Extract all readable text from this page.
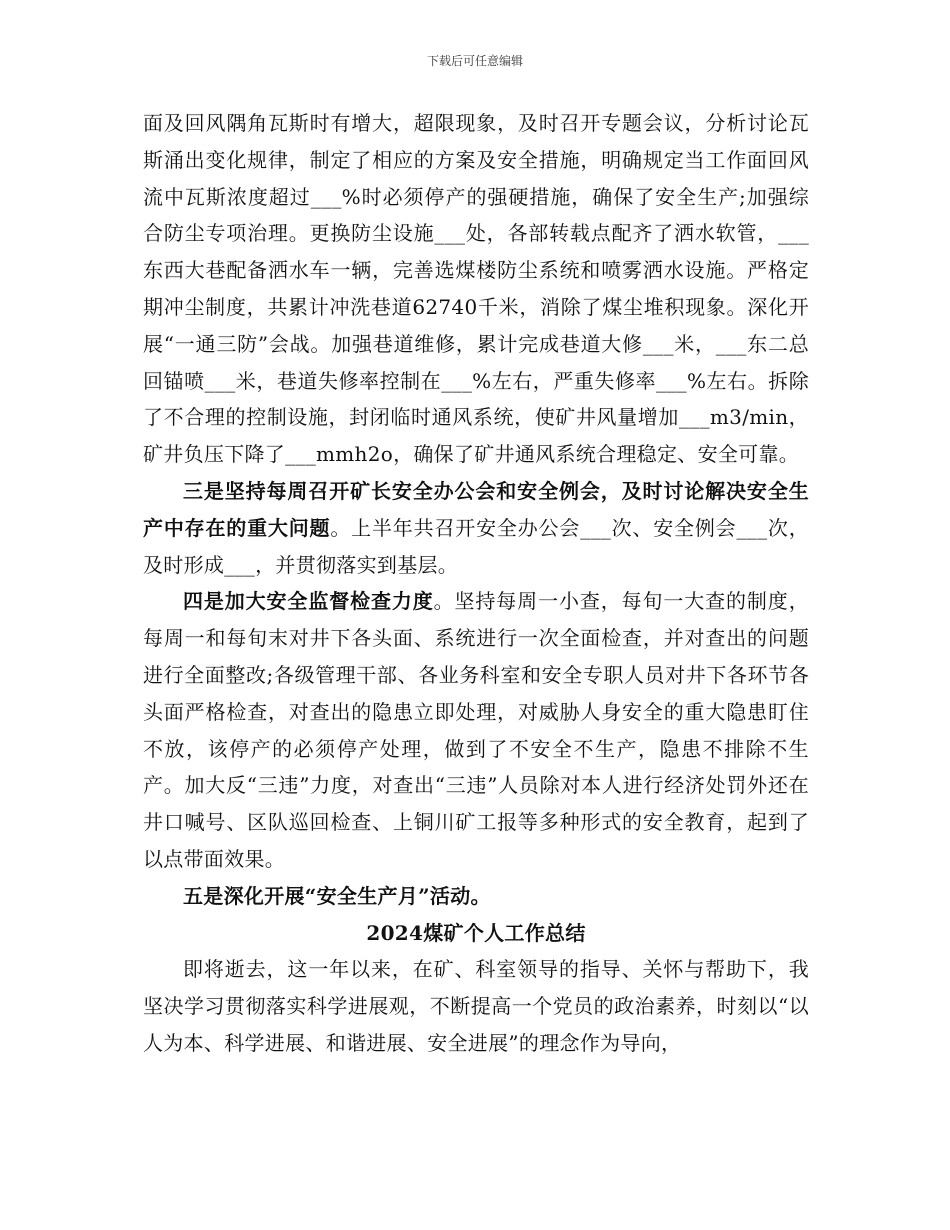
下载后可任意编辑

面及回风隅角瓦斯时有增大，超限现象，及时召开专题会议，分析讨论瓦斯涌出变化规律，制定了相应的方案及安全措施，明确规定当工作面回风流中瓦斯浓度超过___%时必须停产的强硬措施，确保了安全生产;加强综合防尘专项治理。更换防尘设施___处，各部转载点配齐了洒水软管，___东西大巷配备洒水车一辆，完善选煤楼防尘系统和喷雾洒水设施。严格定期冲尘制度，共累计冲洗巷道62740千米，消除了煤尘堆积现象。深化开展“一通三防”会战。加强巷道维修，累计完成巷道大修___米，___东二总回锚喷___米，巷道失修率控制在___%左右，严重失修率___%左右。拆除了不合理的控制设施，封闭临时通风系统，使矿井风量增加___m3/min，矿井负压下降了___mmh2o，确保了矿井通风系统合理稳定、安全可靠。

三是坚持每周召开矿长安全办公会和安全例会，及时讨论解决安全生产中存在的重大问题。上半年共召开安全办公会___次、安全例会___次，及时形成___，并贯彻落实到基层。

四是加大安全监督检查力度。坚持每周一小查，每旬一大查的制度，每周一和每旬末对井下各头面、系统进行一次全面检查，并对查出的问题进行全面整改;各级管理干部、各业务科室和安全专职人员对井下各环节各头面严格检查，对查出的隐患立即处理，对威胁人身安全的重大隐患盯住不放，该停产的必须停产处理，做到了不安全不生产，隐患不排除不生产。加大反“三违”力度，对查出“三违”人员除对本人进行经济处罚外还在井口喊号、区队巡回检查、上铜川矿工报等多种形式的安全教育，起到了以点带面效果。

五是深化开展“安全生产月”活动。

2024煤矿个人工作总结

即将逝去，这一年以来，在矿、科室领导的指导、关怀与帮助下，我坚决学习贯彻落实科学进展观，不断提高一个党员的政治素养，时刻以“以人为本、科学进展、和谐进展、安全进展”的理念作为导向，
